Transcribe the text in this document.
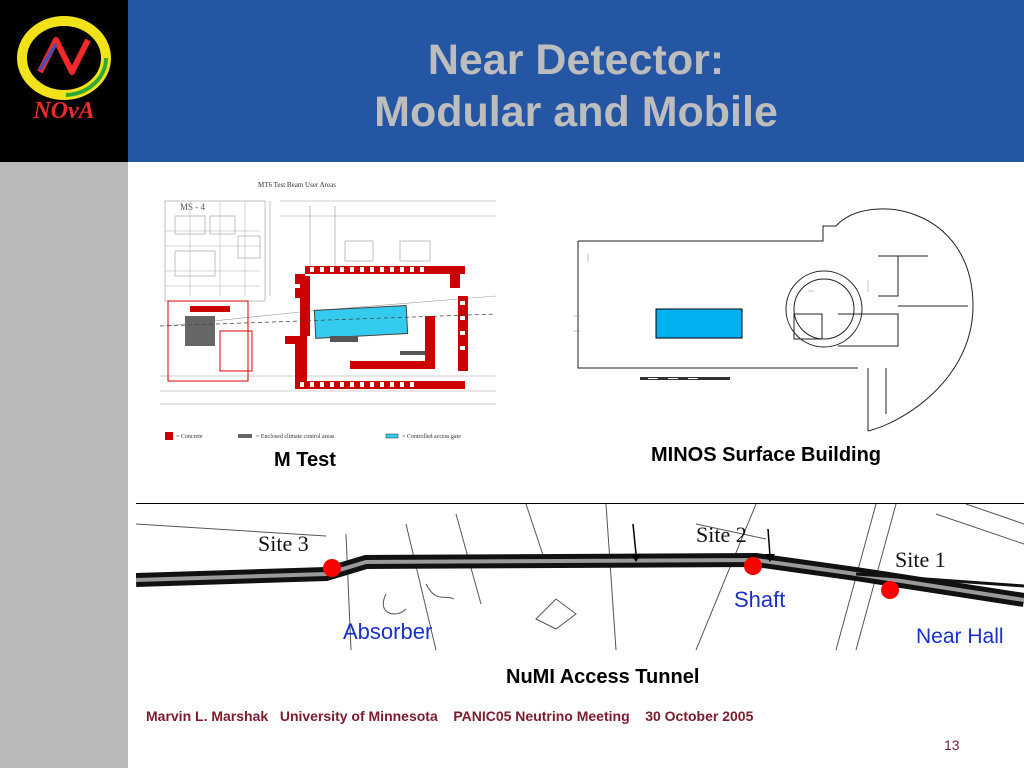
NOvA
Near Detector:
Modular and Mobile
MT6 Test Beam User Areas
MS - 4
= Concrete	= Enclosed climate control areas	= Controlled access gate
M Test	MINOS Surface Building
Site 3	Site 2
Site 1
Shaft
Absorber	Near Hall
NuMI Access Tunnel
Marvin L. Marshak University of Minnesota PANIC05 Neutrino Meeting 30 October 2005
13
